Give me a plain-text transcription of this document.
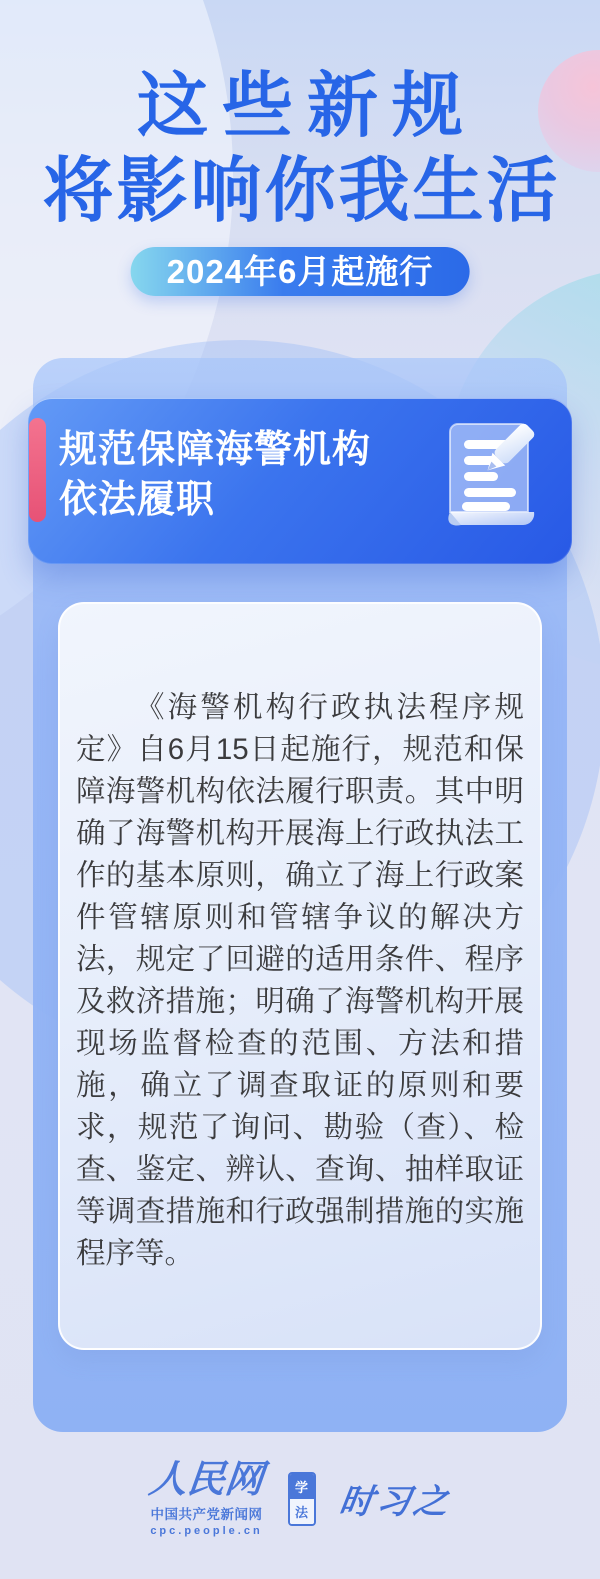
这些新规
将影响你我生活
2024年6月起施行
规范保障海警机构
依法履职

《海警机构行政执法程序规定》自6月15日起施行，规范和保障海警机构依法履行职责。其中明确了海警机构开展海上行政执法工作的基本原则，确立了海上行政案件管辖原则和管辖争议的解决方法，规定了回避的适用条件、程序及救济措施；明确了海警机构开展现场监督检查的范围、方法和措施，确立了调查取证的原则和要求，规范了询问、勘验（查）、检查、鉴定、辨认、查询、抽样取证等调查措施和行政强制措施的实施程序等。

人民网
中国共产党新闻网
cpc.people.cn
学
法 时习之
